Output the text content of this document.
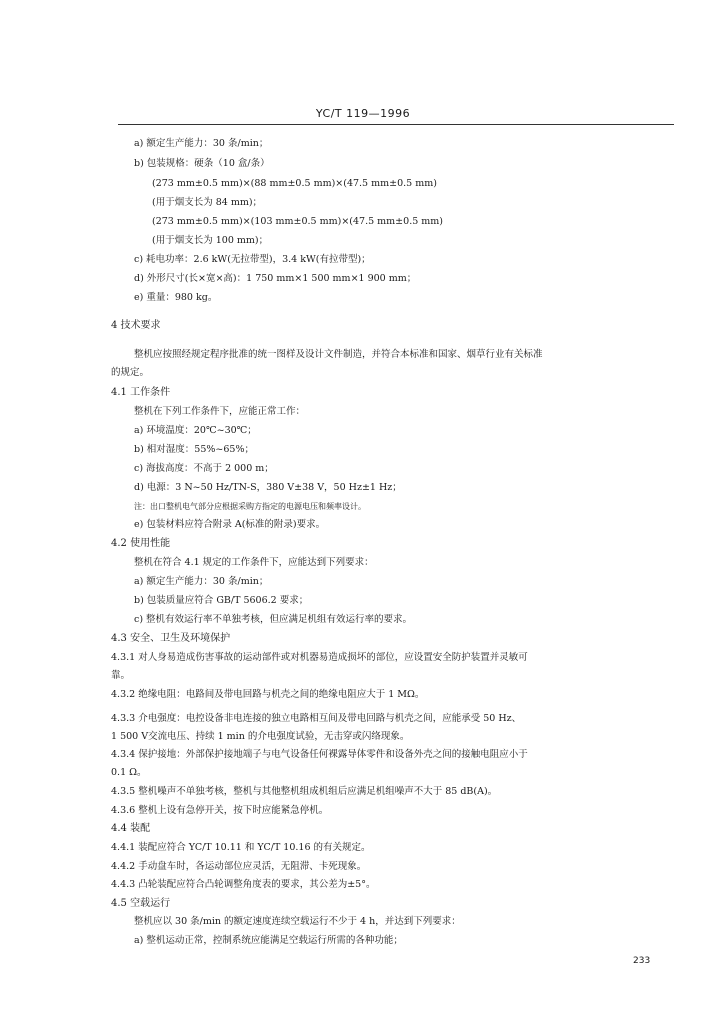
YC/T 119—1996
a) 额定生产能力：30 条/min；
b) 包装规格：硬条（10 盒/条）
(273 mm±0.5 mm)×(88 mm±0.5 mm)×(47.5 mm±0.5 mm)
(用于烟支长为 84 mm)；
(273 mm±0.5 mm)×(103 mm±0.5 mm)×(47.5 mm±0.5 mm)
(用于烟支长为 100 mm)；
c) 耗电功率：2.6 kW(无拉带型)，3.4 kW(有拉带型)；
d) 外形尺寸(长×宽×高)：1 750 mm×1 500 mm×1 900 mm；
e) 重量：980 kg。
4 技术要求
整机应按照经规定程序批准的统一图样及设计文件制造，并符合本标准和国家、烟草行业有关标准
的规定。
4.1 工作条件
整机在下列工作条件下，应能正常工作：
a) 环境温度：20℃~30℃；
b) 相对湿度：55%~65%；
c) 海拔高度：不高于 2 000 m；
d) 电源：3 N~50 Hz/TN-S，380 V±38 V，50 Hz±1 Hz；
注：出口整机电气部分应根据采购方指定的电源电压和频率设计。
e) 包装材料应符合附录 A(标准的附录)要求。
4.2 使用性能
整机在符合 4.1 规定的工作条件下，应能达到下列要求：
a) 额定生产能力：30 条/min；
b) 包装质量应符合 GB/T 5606.2 要求；
c) 整机有效运行率不单独考核，但应满足机组有效运行率的要求。
4.3 安全、卫生及环境保护
4.3.1 对人身易造成伤害事故的运动部件或对机器易造成损坏的部位，应设置安全防护装置并灵敏可
靠。
4.3.2 绝缘电阻：电路间及带电回路与机壳之间的绝缘电阻应大于 1 MΩ。
4.3.3 介电强度：电控设备非电连接的独立电路相互间及带电回路与机壳之间，应能承受 50 Hz、
1 500 V交流电压、持续 1 min 的介电强度试验，无击穿或闪络现象。
4.3.4 保护接地：外部保护接地端子与电气设备任何裸露导体零件和设备外壳之间的接触电阻应小于
0.1 Ω。
4.3.5 整机噪声不单独考核，整机与其他整机组成机组后应满足机组噪声不大于 85 dB(A)。
4.3.6 整机上设有急停开关，按下时应能紧急停机。
4.4 装配
4.4.1 装配应符合 YC/T 10.11 和 YC/T 10.16 的有关规定。
4.4.2 手动盘车时，各运动部位应灵活，无阻滞、卡死现象。
4.4.3 凸轮装配应符合凸轮调整角度表的要求，其公差为±5°。
4.5 空载运行
整机应以 30 条/min 的额定速度连续空载运行不少于 4 h，并达到下列要求：
a) 整机运动正常，控制系统应能满足空载运行所需的各种功能；
233
